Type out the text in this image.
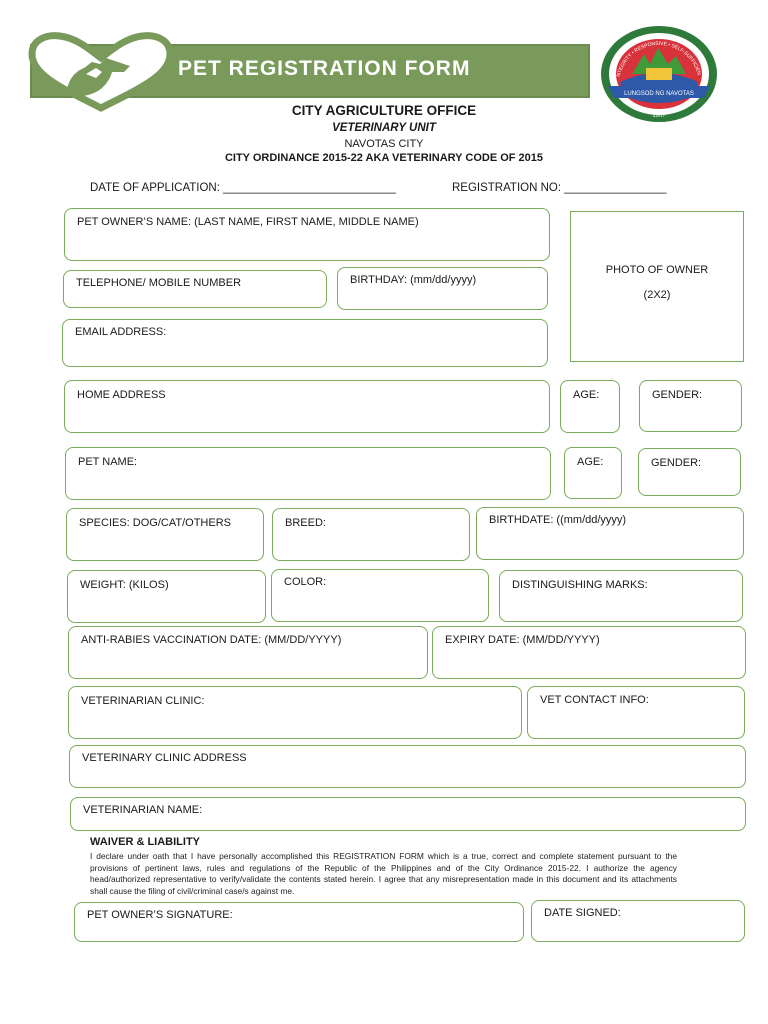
PET REGISTRATION FORM
LUNGSOD NG NAVOTAS
NTEGRITY • RESPONSIVE • SELF-SUFFICIEN
1907
CITY AGRICULTURE OFFICE
VETERINARY UNIT
NAVOTAS CITY
CITY ORDINANCE 2015-22 AKA VETERINARY CODE OF 2015
DATE OF APPLICATION: ___________________________	REGISTRATION NO: ________________
PET OWNER’S NAME: (LAST NAME, FIRST NAME, MIDDLE NAME)
PHOTO OF OWNER
(2X2)
TELEPHONE/ MOBILE NUMBER	BIRTHDAY: (mm/dd/yyyy)
EMAIL ADDRESS:
HOME ADDRESS	AGE:	GENDER:
PET NAME:	AGE:	GENDER:
SPECIES: DOG/CAT/OTHERS	BREED:	BIRTHDATE: ((mm/dd/yyyy)
WEIGHT: (KILOS)	COLOR:	DISTINGUISHING MARKS:
ANTI-RABIES VACCINATION DATE: (MM/DD/YYYY)	EXPIRY DATE: (MM/DD/YYYY)
VETERINARIAN CLINIC:	VET CONTACT INFO:
VETERINARY CLINIC ADDRESS
VETERINARIAN NAME:
WAIVER & LIABILITY
I declare under oath that I have personally accomplished this REGISTRATION FORM which is a true, correct and complete statement pursuant to the provisions of pertinent laws, rules and regulations of the Republic of the Philippines and of the City Ordinance 2015-22. I authorize the agency head/authorized representative to verify/validate the contents stated herein. I agree that any misrepresentation made in this document and its attachments shall cause the filing of civil/criminal case/s against me.
PET OWNER’S SIGNATURE:	DATE SIGNED:
